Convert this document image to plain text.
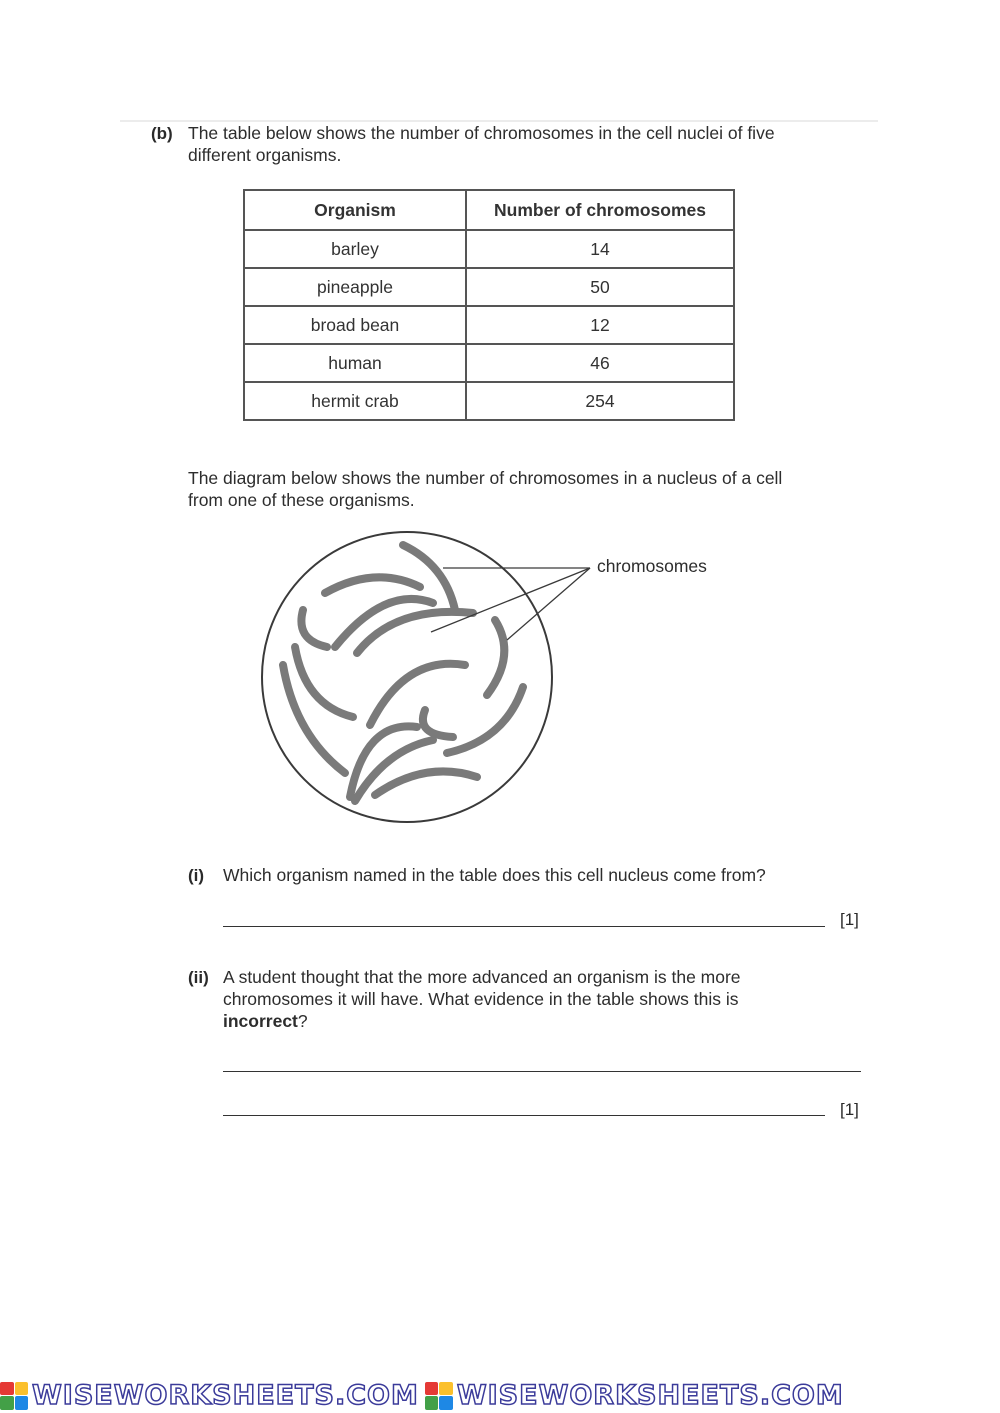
(b) The table below shows the number of chromosomes in the cell nuclei of five

different organisms.

Organism	Number of chromosomes
barley	14
pineapple	50
broad bean	12
human	46
hermit crab	254

The diagram below shows the number of chromosomes in a nucleus of a cell

from one of these organisms.

chromosomes
(i) Which organism named in the table does this cell nucleus come from?
[1]
(ii) A student thought that the more advanced an organism is the more

chromosomes it will have. What evidence in the table shows this is

incorrect?

[1]
WISEWORKSHEETS.COM WISEWORKSHEETS.COM
